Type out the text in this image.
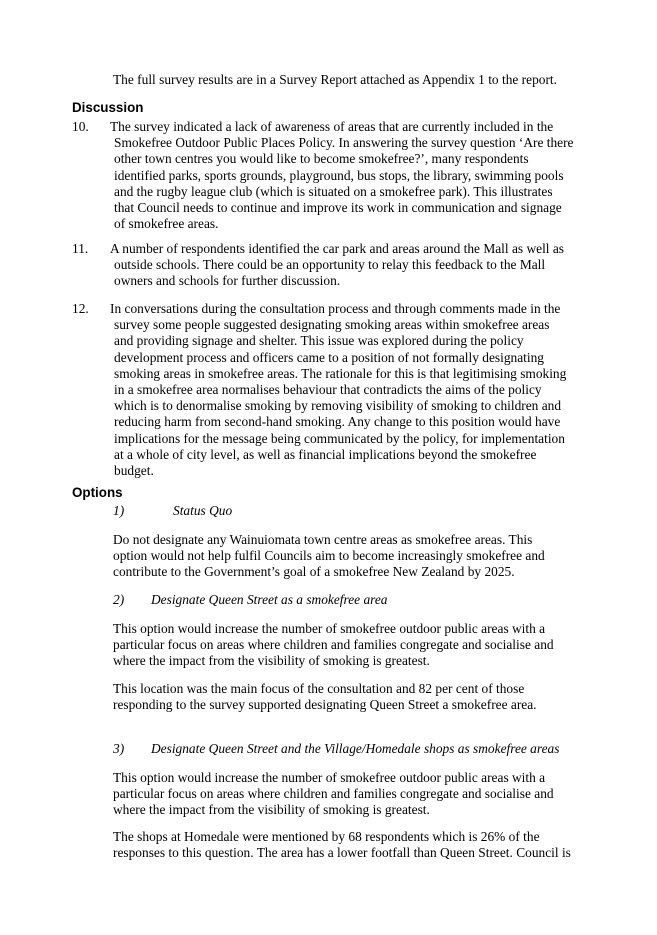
The full survey results are in a Survey Report attached as Appendix 1 to the report.

Discussion
10. The survey indicated a lack of awareness of areas that are currently included in the
Smokefree Outdoor Public Places Policy. In answering the survey question ‘Are there
other town centres you would like to become smokefree?’, many respondents
identified parks, sports grounds, playground, bus stops, the library, swimming pools
and the rugby league club (which is situated on a smokefree park). This illustrates
that Council needs to continue and improve its work in communication and signage
of smokefree areas.
11. A number of respondents identified the car park and areas around the Mall as well as
outside schools. There could be an opportunity to relay this feedback to the Mall
owners and schools for further discussion.
12. In conversations during the consultation process and through comments made in the
survey some people suggested designating smoking areas within smokefree areas
and providing signage and shelter. This issue was explored during the policy
development process and officers came to a position of not formally designating
smoking areas in smokefree areas. The rationale for this is that legitimising smoking
in a smokefree area normalises behaviour that contradicts the aims of the policy
which is to denormalise smoking by removing visibility of smoking to children and
reducing harm from second-hand smoking. Any change to this position would have
implications for the message being communicated by the policy, for implementation
at a whole of city level, as well as financial implications beyond the smokefree
budget.
Options
1)	Status Quo
Do not designate any Wainuiomata town centre areas as smokefree areas. This
option would not help fulfil Councils aim to become increasingly smokefree and
contribute to the Government’s goal of a smokefree New Zealand by 2025.
2) Designate Queen Street as a smokefree area
This option would increase the number of smokefree outdoor public areas with a
particular focus on areas where children and families congregate and socialise and
where the impact from the visibility of smoking is greatest.
This location was the main focus of the consultation and 82 per cent of those
responding to the survey supported designating Queen Street a smokefree area.
3) Designate Queen Street and the Village/Homedale shops as smokefree areas
This option would increase the number of smokefree outdoor public areas with a
particular focus on areas where children and families congregate and socialise and
where the impact from the visibility of smoking is greatest.
The shops at Homedale were mentioned by 68 respondents which is 26% of the
responses to this question. The area has a lower footfall than Queen Street. Council is
